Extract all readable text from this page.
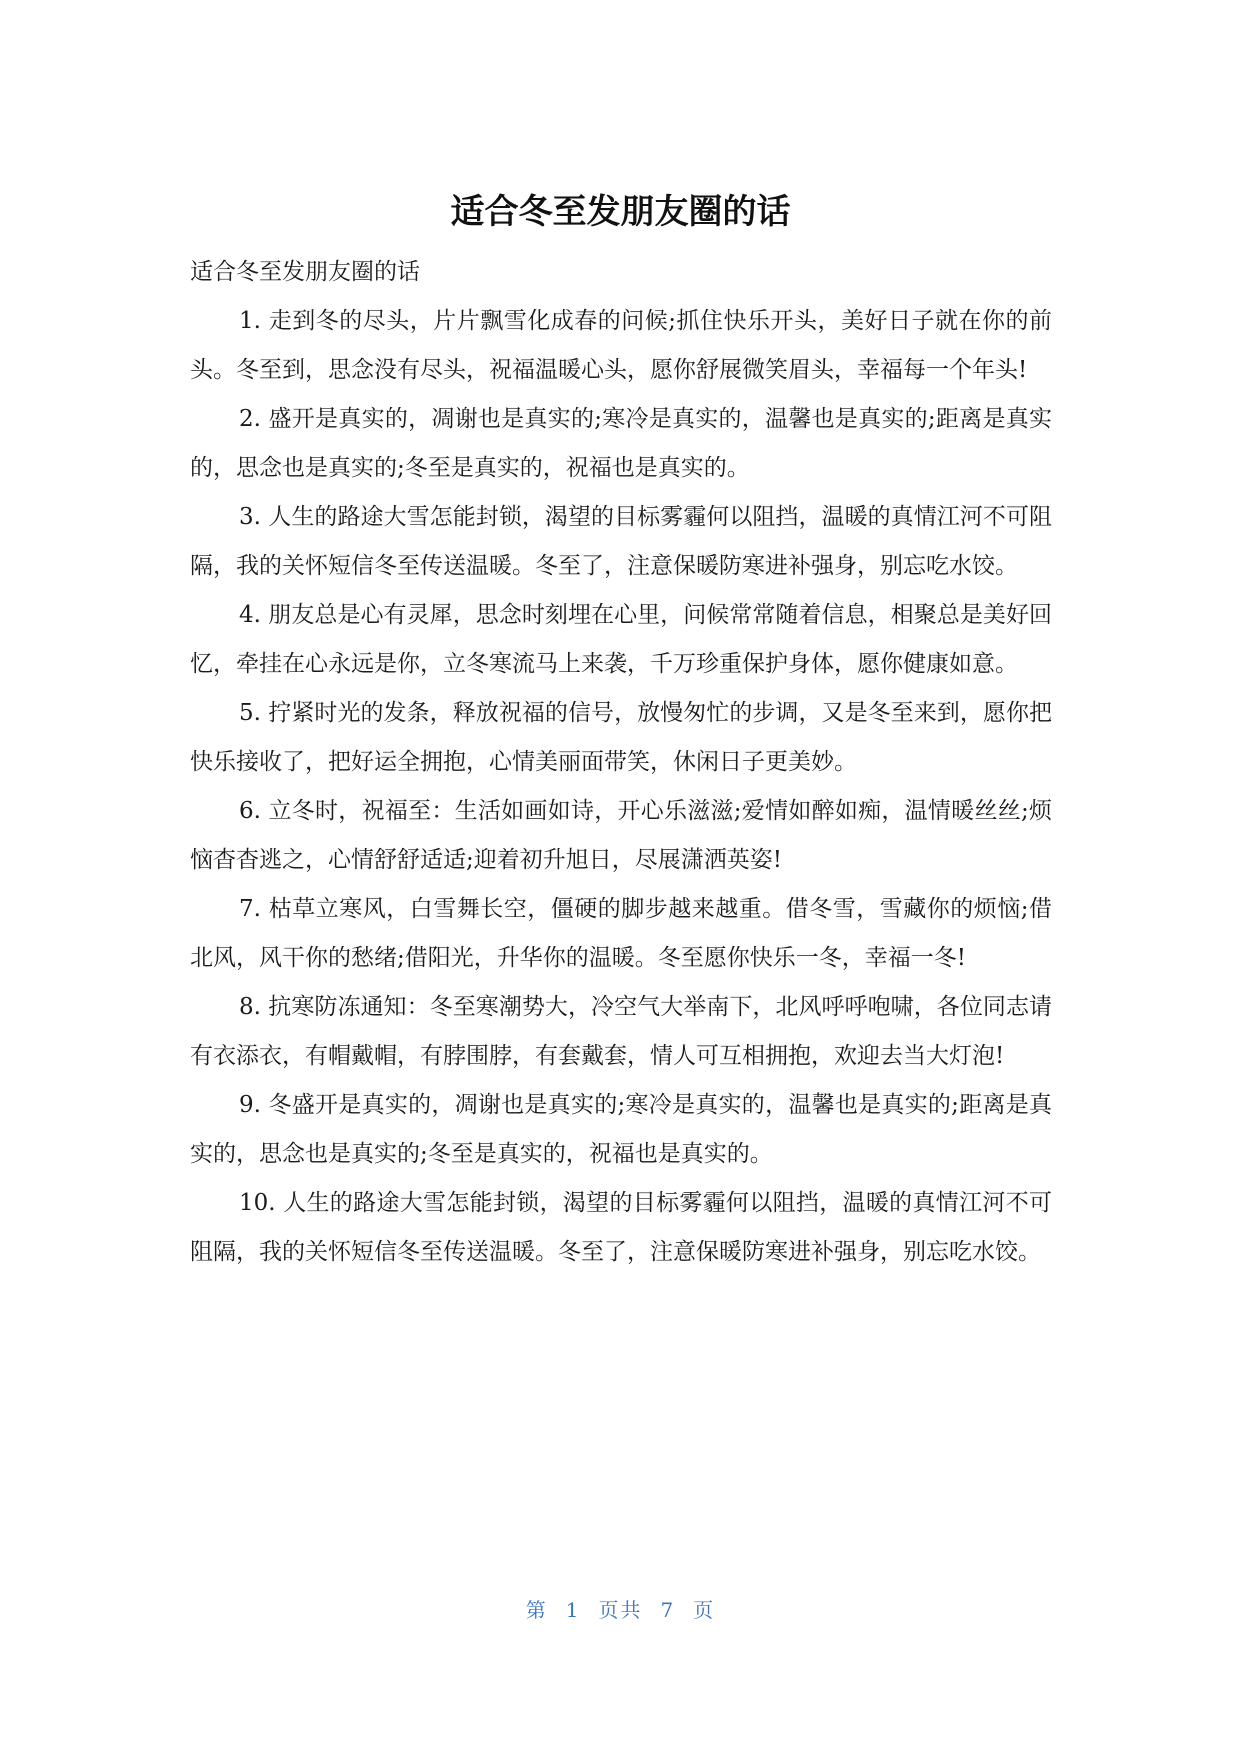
适合冬至发朋友圈的话

适合冬至发朋友圈的话

1. 走到冬的尽头，片片飘雪化成春的问候;抓住快乐开头，美好日子就在你的前头。冬至到，思念没有尽头，祝福温暖心头，愿你舒展微笑眉头，幸福每一个年头!

2. 盛开是真实的，凋谢也是真实的;寒冷是真实的，温馨也是真实的;距离是真实的，思念也是真实的;冬至是真实的，祝福也是真实的。

3. 人生的路途大雪怎能封锁，渴望的目标雾霾何以阻挡，温暖的真情江河不可阻隔，我的关怀短信冬至传送温暖。冬至了，注意保暖防寒进补强身，别忘吃水饺。

4. 朋友总是心有灵犀，思念时刻埋在心里，问候常常随着信息，相聚总是美好回忆，牵挂在心永远是你，立冬寒流马上来袭，千万珍重保护身体，愿你健康如意。

5. 拧紧时光的发条，释放祝福的信号，放慢匆忙的步调，又是冬至来到，愿你把快乐接收了，把好运全拥抱，心情美丽面带笑，休闲日子更美妙。

6. 立冬时，祝福至：生活如画如诗，开心乐滋滋;爱情如醉如痴，温情暖丝丝;烦恼杳杳逃之，心情舒舒适适;迎着初升旭日，尽展潇洒英姿!

7. 枯草立寒风，白雪舞长空，僵硬的脚步越来越重。借冬雪，雪藏你的烦恼;借北风，风干你的愁绪;借阳光，升华你的温暖。冬至愿你快乐一冬，幸福一冬!

8. 抗寒防冻通知：冬至寒潮势大，冷空气大举南下，北风呼呼咆啸，各位同志请有衣添衣，有帽戴帽，有脖围脖，有套戴套，情人可互相拥抱，欢迎去当大灯泡!

9. 冬盛开是真实的，凋谢也是真实的;寒冷是真实的，温馨也是真实的;距离是真实的，思念也是真实的;冬至是真实的，祝福也是真实的。

10. 人生的路途大雪怎能封锁，渴望的目标雾霾何以阻挡，温暖的真情江河不可阻隔，我的关怀短信冬至传送温暖。冬至了，注意保暖防寒进补强身，别忘吃水饺。

第 1 页共 7 页
